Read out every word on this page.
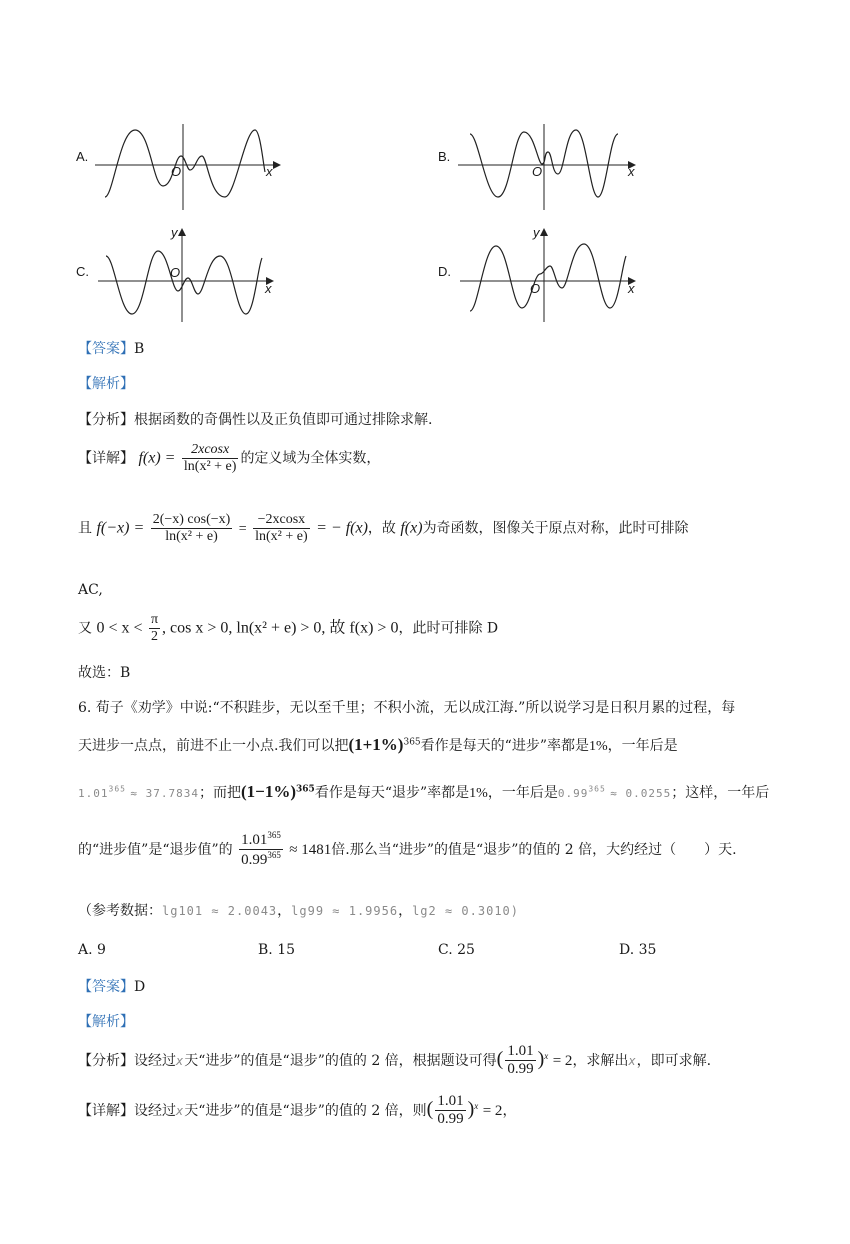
A.
O	x
B.
O	x
C.
y
O
x
D.
y
O	x
【答案】B
【解析】
【分析】根据函数的奇偶性以及正负值即可通过排除求解.
【详解】 $f(x) = \frac{2xcosx}{\text{ln(x² + e)}}$ 的定义域为全体实数，
且 $f(-x) = \frac{2(-x) \cos(-x)}{\text{ln(x² + e)}} = \frac{-2xcosx}{\text{ln(x² + e)}}$ = − f(x)，故 f(x)为奇函数，图像关于原点对称，此时可排除
AC,
又 $0 < x < \frac{\pi}{2}$ , cos x > 0, ln(x² + e) > 0, 故 f(x) > 0，此时可排除 D
故选：B
6. 荀子《劝学》中说:“不积跬步，无以至千里；不积小流，无以成江海.”所以说学习是日积月累的过程，每
天进步一点点，前进不止一小点.我们可以把$(1+1\%)^{365}$看作是每天的“进步”率都是1%，一年后是
$1.01^{365} \approx 37.7834$；而把$(1-1\%)^{365}$看作是每天“退步”率都是1%，一年后是$0.99^{365} \approx 0.0255$；这样，一年后
的“进步值”是“退步值”的 $\frac{1.01^{365}}{0.99^{365}} \approx 1481$倍.那么当“进步”的值是“退步”的值的 2 倍，大约经过（　　）天.
（参考数据：lg101 ≈ 2.0043，lg99 ≈ 1.9956，lg2 ≈ 0.3010)
A. 9	B. 15	C. 25	D. 35
【答案】D
【解析】
【分析】设经过x天“进步”的值是“退步”的值的 2 倍，根据题设可得( $\frac{1.01}{0.99} )^x = 2$，求解出x，即可求解.
【详解】设经过x天“进步”的值是“退步”的值的 2 倍，则( $\frac{1.01}{0.99} )^x = 2$，
